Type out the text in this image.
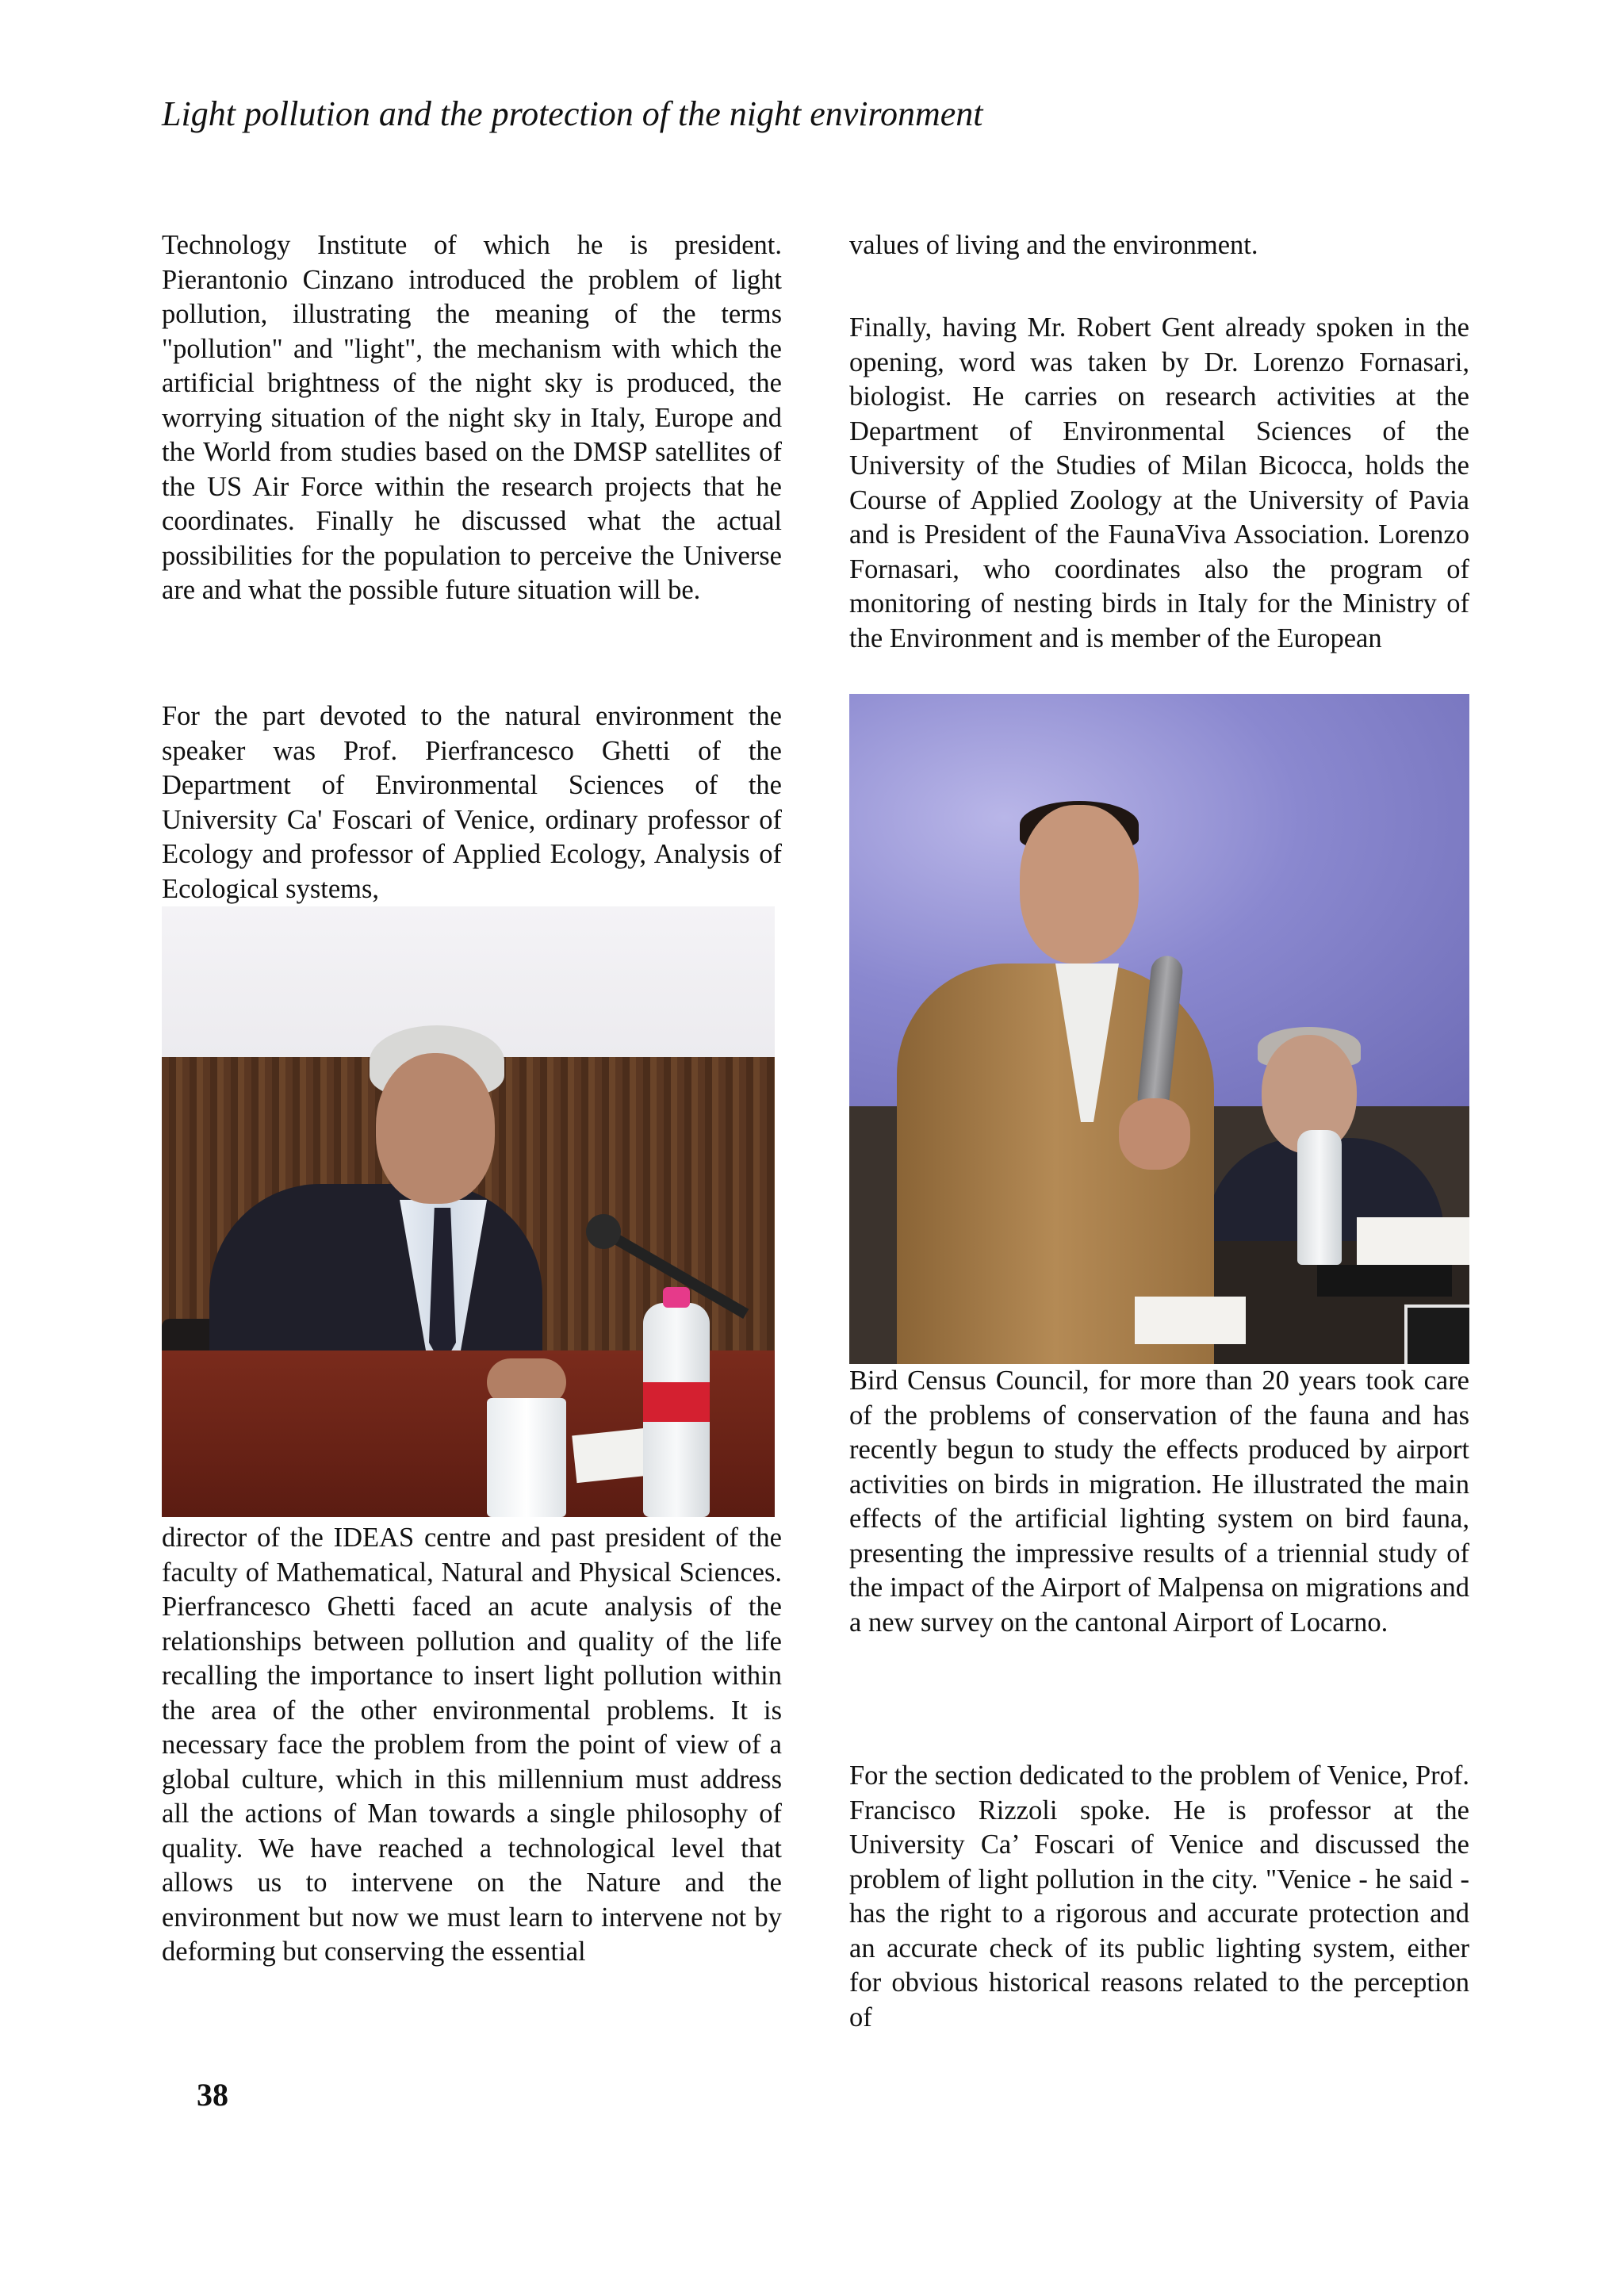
Light pollution and the protection of the night environment

Technology Institute of which he is president. Pierantonio Cinzano introduced the problem of light pollution, illustrating the meaning of the terms "pollution" and "light", the mechanism with which the artificial brightness of the night sky is produced, the worrying situation of the night sky in Italy, Europe and the World from studies based on the DMSP satellites of the US Air Force within the research projects that he coordinates. Finally he discussed what the actual possibilities for the population to perceive the Universe are and what the possible future situation will be.

For the part devoted to the natural environment the speaker was Prof. Pierfrancesco Ghetti of the Department of Environmental Sciences of the University Ca' Foscari of Venice, ordinary professor of Ecology and professor of Applied Ecology, Analysis of Ecological systems,

director of the IDEAS centre and past president of the faculty of Mathematical, Natural and Physical Sciences. Pierfrancesco Ghetti faced an acute analysis of the relationships between pollution and quality of the life recalling the importance to insert light pollution within the area of the other environmental problems. It is necessary face the problem from the point of view of a global culture, which in this millennium must address all the actions of Man towards a single philosophy of quality. We have reached a technological level that allows us to intervene on the Nature and the environment but now we must learn to intervene not by deforming but conserving the essential

values of living and the environment.

Finally, having Mr. Robert Gent already spoken in the opening, word was taken by Dr. Lorenzo Fornasari, biologist. He carries on research activities at the Department of Environmental Sciences of the University of the Studies of Milan Bicocca, holds the Course of Applied Zoology at the University of Pavia and is President of the FaunaViva Association. Lorenzo Fornasari, who coordinates also the program of monitoring of nesting birds in Italy for the Ministry of the Environment and is member of the European

Bird Census Council, for more than 20 years took care of the problems of conservation of the fauna and has recently begun to study the effects produced by airport activities on birds in migration. He illustrated the main effects of the artificial lighting system on bird fauna, presenting the impressive results of a triennial study of the impact of the Airport of Malpensa on migrations and a new survey on the cantonal Airport of Locarno.

For the section dedicated to the problem of Venice, Prof. Francisco Rizzoli spoke. He is professor at the University Ca’ Foscari of Venice and discussed the problem of light pollution in the city. "Venice - he said - has the right to a rigorous and accurate protection and an accurate check of its public lighting system, either for obvious historical reasons related to the perception of

38
